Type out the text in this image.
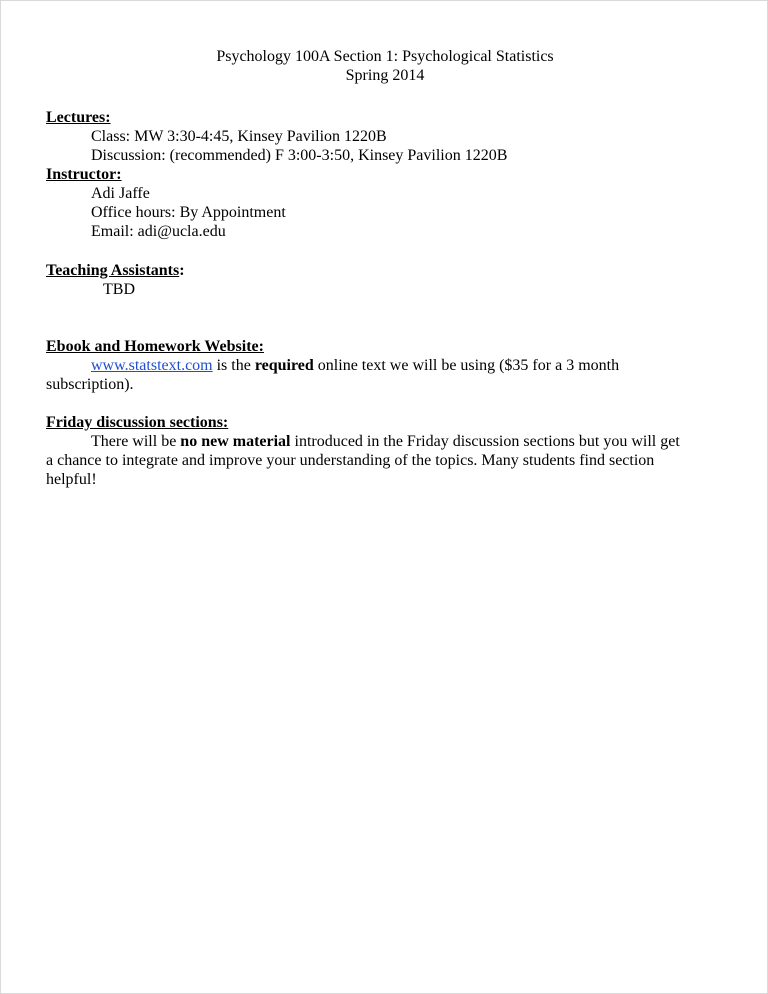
Psychology 100A Section 1: Psychological Statistics
Spring 2014
Lectures:
Class: MW 3:30-4:45, Kinsey Pavilion 1220B
Discussion: (recommended) F 3:00-3:50, Kinsey Pavilion 1220B
Instructor:
Adi Jaffe
Office hours: By Appointment
Email: adi@ucla.edu
Teaching Assistants:
TBD
Ebook and Homework Website:
www.statstext.com is the required online text we will be using ($35 for a 3 month
subscription).
Friday discussion sections:
There will be no new material introduced in the Friday discussion sections but you will get
a chance to integrate and improve your understanding of the topics. Many students find section
helpful!
